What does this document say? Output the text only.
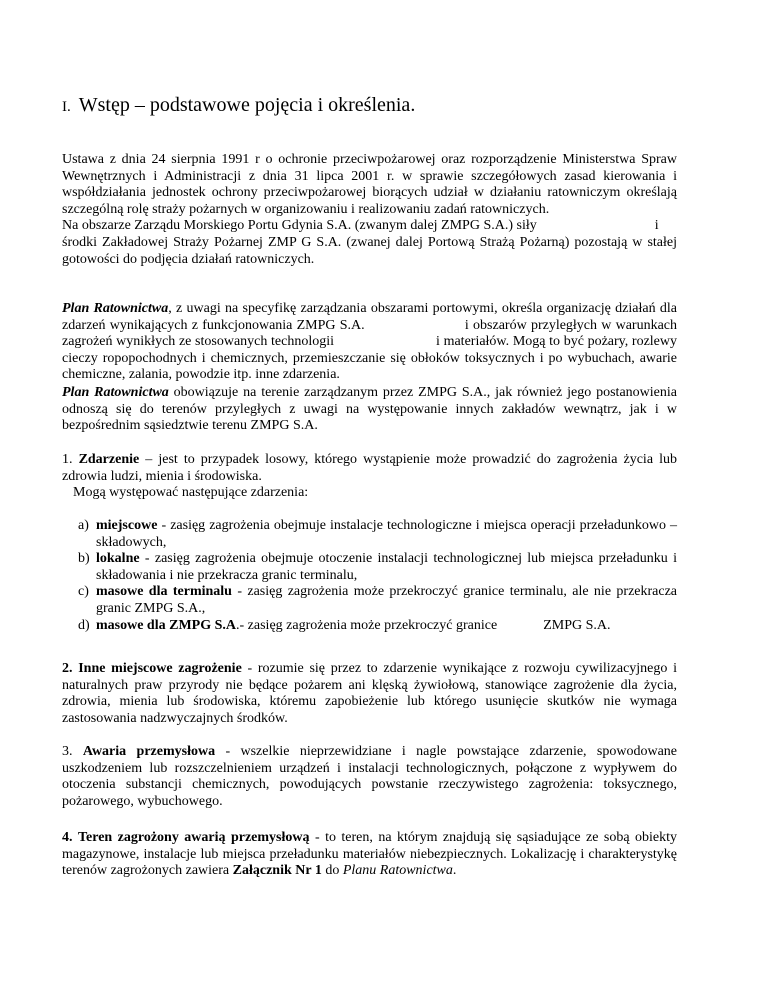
I. Wstęp – podstawowe pojęcia i określenia.
Ustawa z dnia 24 sierpnia 1991 r o ochronie przeciwpożarowej oraz rozporządzenie Ministerstwa Spraw Wewnętrznych i Administracji z dnia 31 lipca 2001 r. w sprawie szczegółowych zasad kierowania i współdziałania jednostek ochrony przeciwpożarowej biorących udział w działaniu ratowniczym określają szczególną rolę straży pożarnych w organizowaniu i realizowaniu zadań ratowniczych.
Na obszarze Zarządu Morskiego Portu Gdynia S.A. (zwanym dalej ZMPG S.A.) siły	i
środki Zakładowej Straży Pożarnej ZMP G S.A. (zwanej dalej Portową Strażą Pożarną) pozostają w stałej gotowości do podjęcia działań ratowniczych.
Plan Ratownictwa, z uwagi na specyfikę zarządzania obszarami portowymi, określa organizację działań dla zdarzeń wynikających z funkcjonowania ZMPG S.A.	i obszarów przyległych w warunkach zagrożeń wynikłych ze stosowanych technologii	i materiałów. Mogą to być pożary, rozlewy cieczy ropopochodnych i chemicznych, przemieszczanie się obłoków toksycznych i po wybuchach, awarie chemiczne, zalania, powodzie itp. inne zdarzenia.
Plan Ratownictwa obowiązuje na terenie zarządzanym przez ZMPG S.A., jak również jego postanowienia odnoszą się do terenów przyległych z uwagi na występowanie innych zakładów wewnątrz, jak i w bezpośrednim sąsiedztwie terenu ZMPG S.A.
1. Zdarzenie – jest to przypadek losowy, którego wystąpienie może prowadzić do zagrożenia życia lub zdrowia ludzi, mienia i środowiska.
Mogą występować następujące zdarzenia:
a) miejscowe - zasięg zagrożenia obejmuje instalacje technologiczne i miejsca operacji przeładunkowo – składowych,
b) lokalne - zasięg zagrożenia obejmuje otoczenie instalacji technologicznej lub miejsca przeładunku i składowania i nie przekracza granic terminalu,
c) masowe dla terminalu - zasięg zagrożenia może przekroczyć granice terminalu, ale nie przekracza granic ZMPG S.A.,
d) masowe dla ZMPG S.A.- zasięg zagrożenia może przekroczyć granice	ZMPG S.A.
2. Inne miejscowe zagrożenie - rozumie się przez to zdarzenie wynikające z rozwoju cywilizacyjnego i naturalnych praw przyrody nie będące pożarem ani klęską żywiołową, stanowiące zagrożenie dla życia, zdrowia, mienia lub środowiska, któremu zapobieżenie lub którego usunięcie skutków nie wymaga zastosowania nadzwyczajnych środków.
3. Awaria przemysłowa - wszelkie nieprzewidziane i nagle powstające zdarzenie, spowodowane uszkodzeniem lub rozszczelnieniem urządzeń i instalacji technologicznych, połączone z wypływem do otoczenia substancji chemicznych, powodujących powstanie rzeczywistego zagrożenia: toksycznego, pożarowego, wybuchowego.
4. Teren zagrożony awarią przemysłową - to teren, na którym znajdują się sąsiadujące ze sobą obiekty magazynowe, instalacje lub miejsca przeładunku materiałów niebezpiecznych. Lokalizację i charakterystykę terenów zagrożonych zawiera Załącznik Nr 1 do Planu Ratownictwa.
